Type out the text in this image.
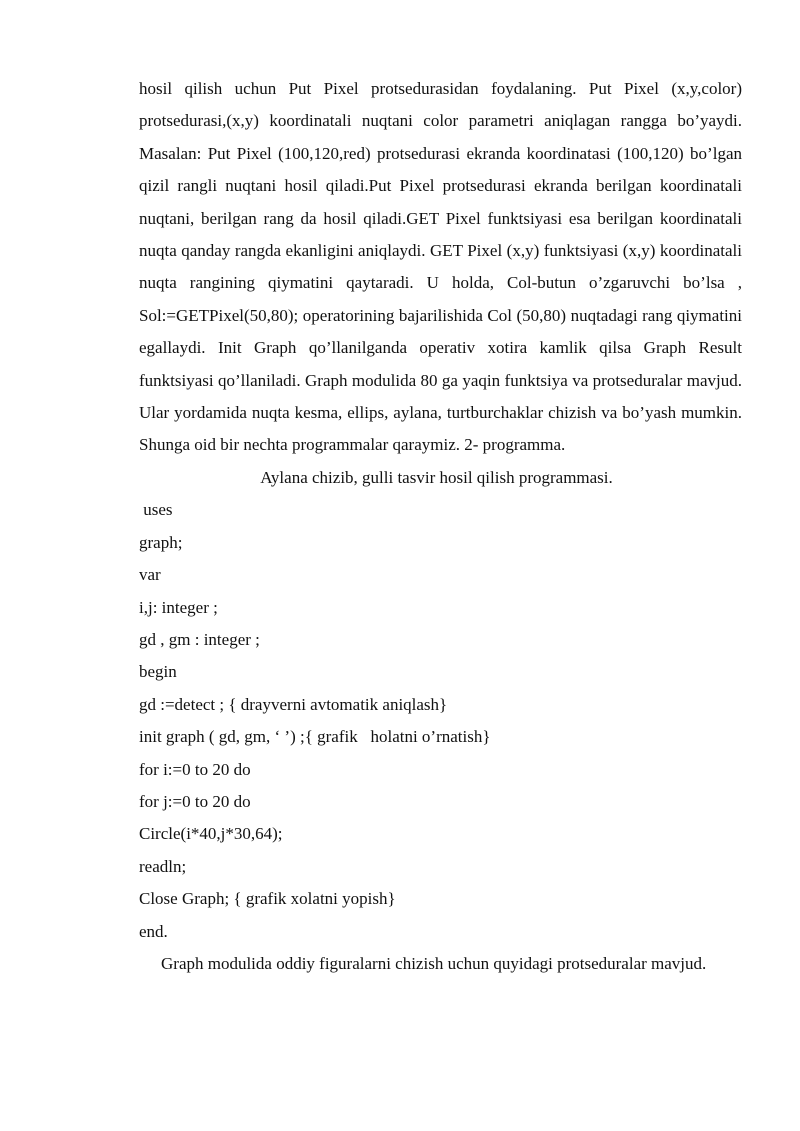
hosil qilish uchun Put Pixel protsedurasidan foydalaning. Put Pixel (x,y,color) protsedurasi,(x,y) koordinatali nuqtani color parametri aniqlagan rangga bo’yaydi. Masalan: Put Pixel (100,120,red) protsedurasi ekranda koordinatasi (100,120) bo’lgan qizil rangli nuqtani hosil qiladi.Put Pixel protsedurasi ekranda berilgan koordinatali nuqtani, berilgan rang da hosil qiladi.GET Pixel funktsiyasi esa berilgan koordinatali nuqta qanday rangda ekanligini aniqlaydi. GET Pixel (x,y) funktsiyasi (x,y) koordinatali nuqta rangining qiymatini qaytaradi. U holda, Col-butun o’zgaruvchi bo’lsa , Sol:=GETPixel(50,80); operatorining bajarilishida Col (50,80) nuqtadagi rang qiymatini egallaydi. Init Graph qo’llanilganda operativ xotira kamlik qilsa Graph Result funktsiyasi qo’llaniladi. Graph modulida 80 ga yaqin funktsiya va protseduralar mavjud. Ular yordamida nuqta kesma, ellips, aylana, turtburchaklar chizish va bo’yash mumkin. Shunga oid bir nechta programmalar qaraymiz. 2- programma.

Aylana chizib, gulli tasvir hosil qilish programmasi.

uses
graph;
var
i,j: integer ;
gd , gm : integer ;
begin
gd :=detect ; { drayverni avtomatik aniqlash}
init graph ( gd, gm, ‘ ’) ;{ grafik   holatni o’rnatish}
for i:=0 to 20 do
for j:=0 to 20 do
Circle(i*40,j*30,64);
readln;
Close Graph; { grafik xolatni yopish}
end.

Graph modulida oddiy figuralarni chizish uchun quyidagi protseduralar mavjud.
